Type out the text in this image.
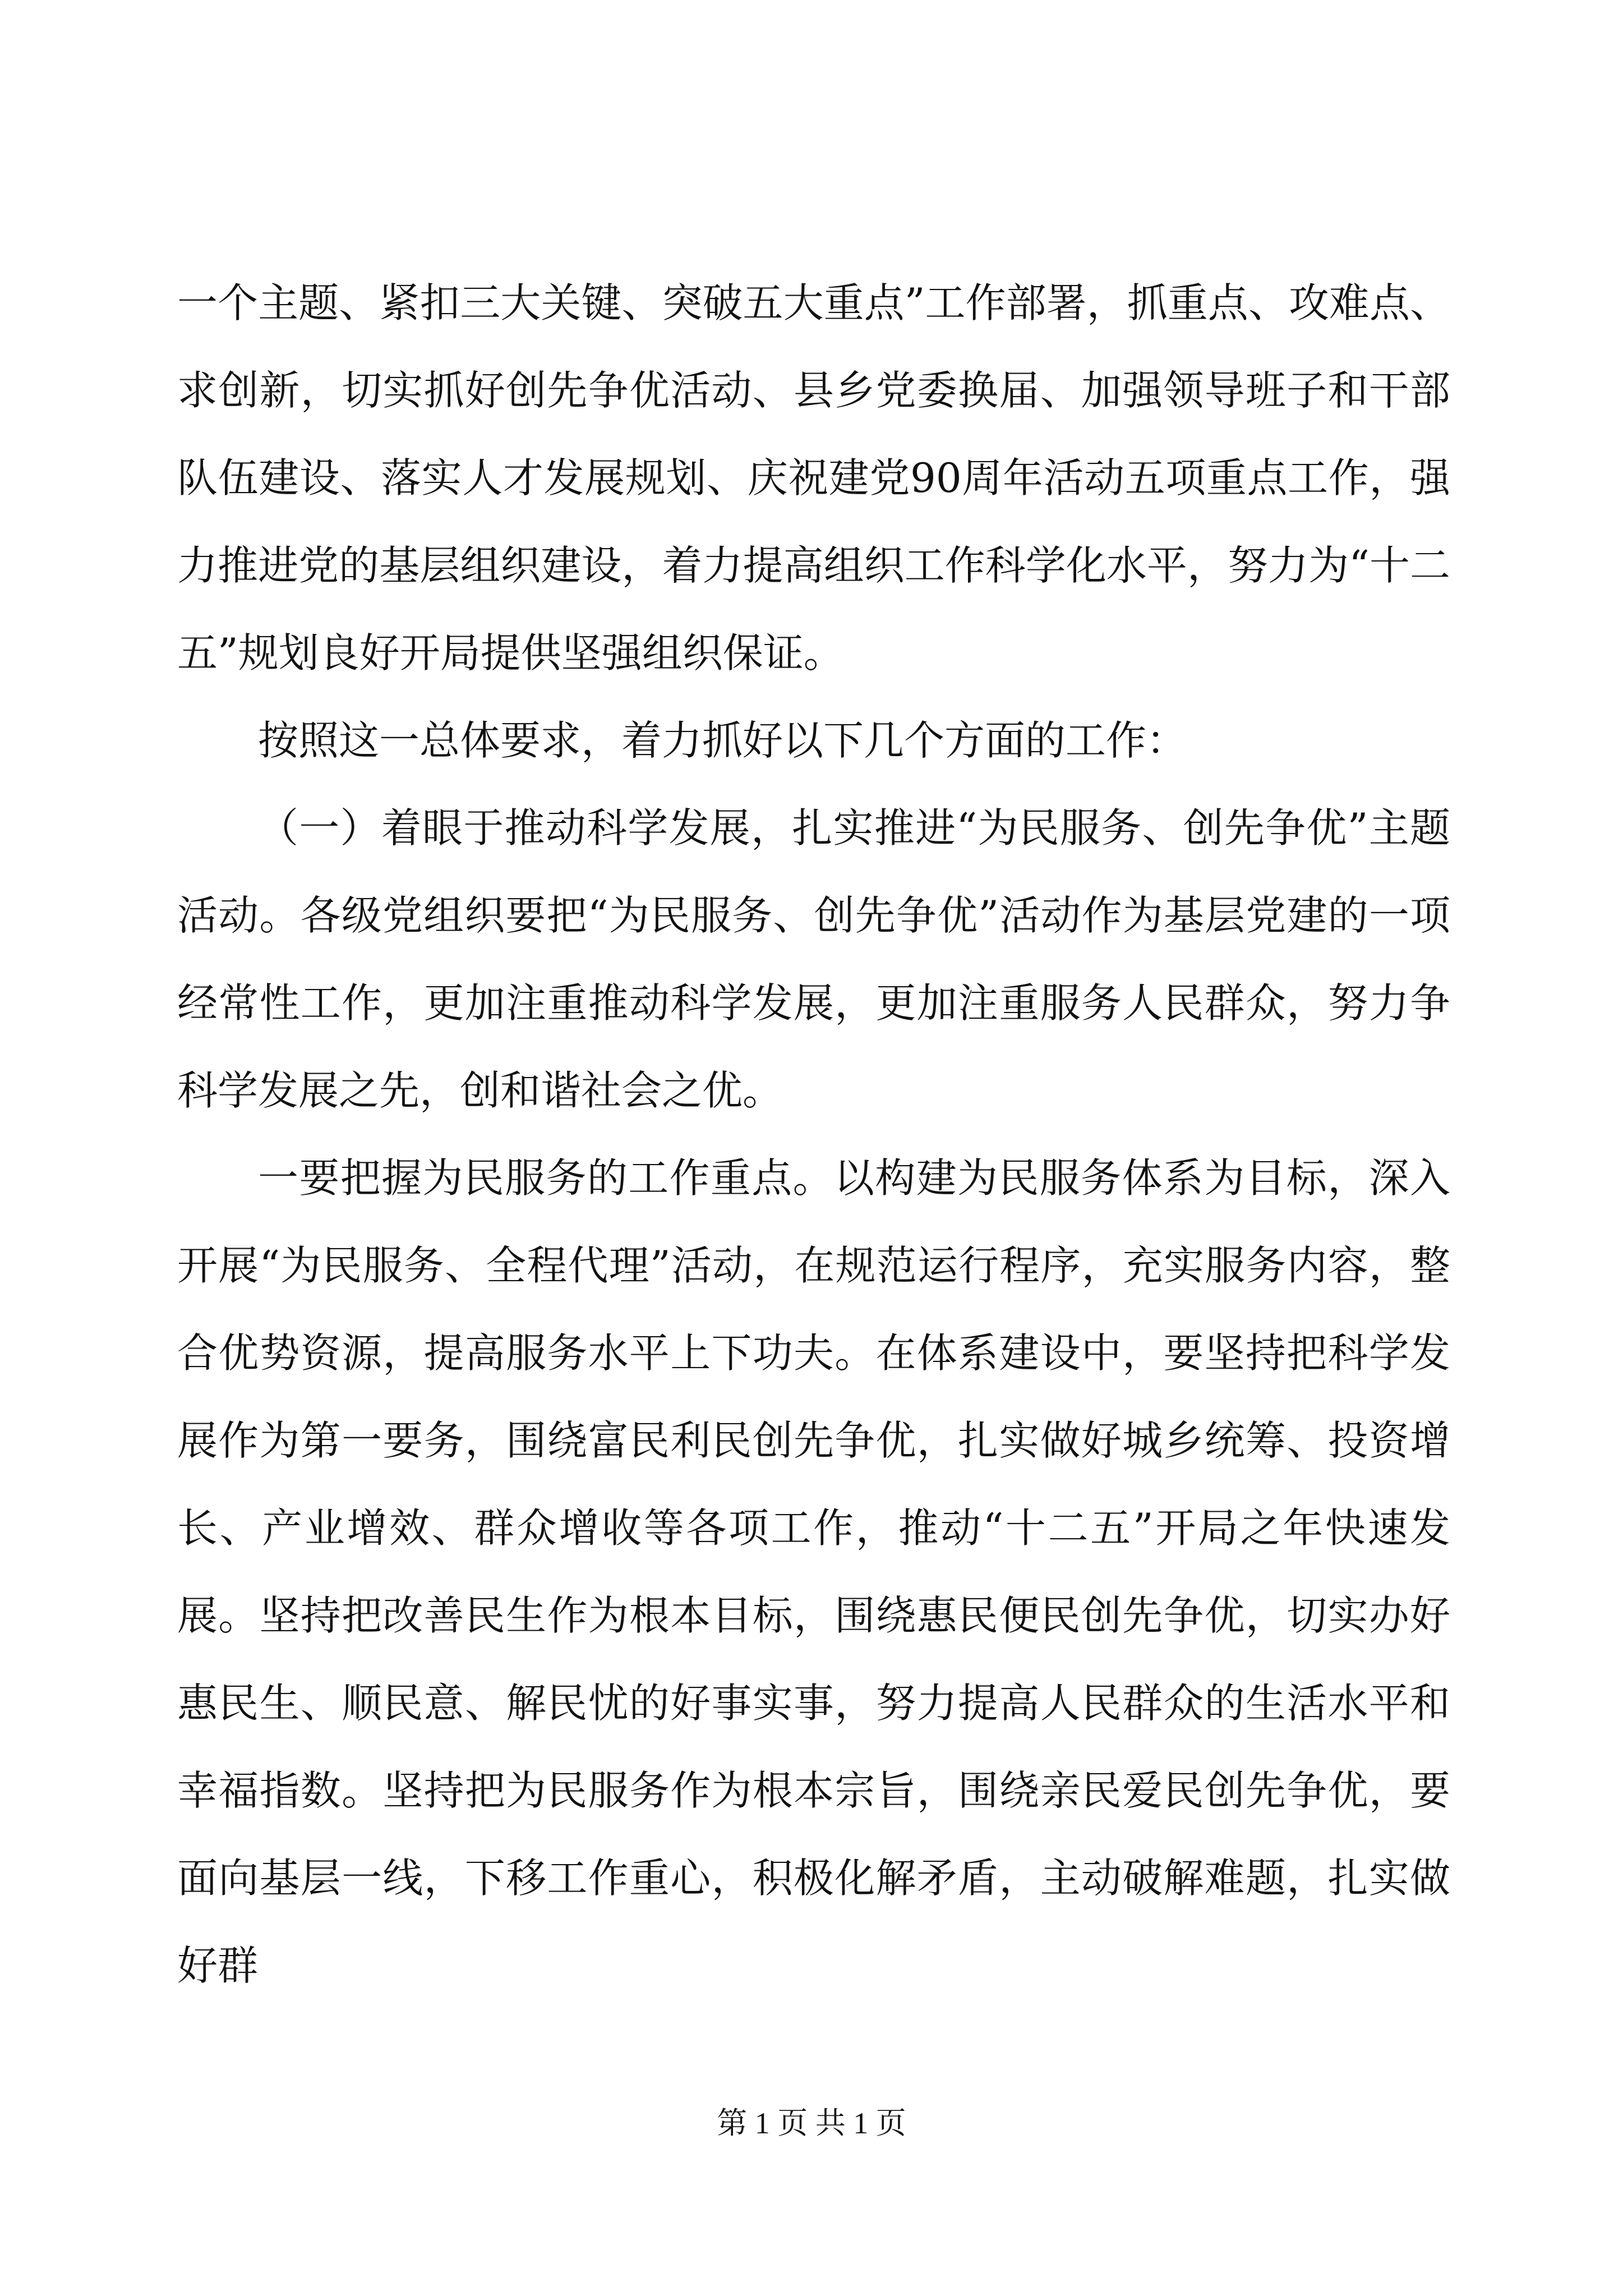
一个主题、紧扣三大关键、突破五大重点”工作部署，抓重点、攻难点、求创新，切实抓好创先争优活动、县乡党委换届、加强领导班子和干部队伍建设、落实人才发展规划、庆祝建党90周年活动五项重点工作，强力推进党的基层组织建设，着力提高组织工作科学化水平，努力为“十二五”规划良好开局提供坚强组织保证。

按照这一总体要求，着力抓好以下几个方面的工作：

（一）着眼于推动科学发展，扎实推进“为民服务、创先争优”主题活动。各级党组织要把“为民服务、创先争优”活动作为基层党建的一项经常性工作，更加注重推动科学发展，更加注重服务人民群众，努力争科学发展之先，创和谐社会之优。

一要把握为民服务的工作重点。以构建为民服务体系为目标，深入开展“为民服务、全程代理”活动，在规范运行程序，充实服务内容，整合优势资源，提高服务水平上下功夫。在体系建设中，要坚持把科学发展作为第一要务，围绕富民利民创先争优，扎实做好城乡统筹、投资增长、产业增效、群众增收等各项工作，推动“十二五”开局之年快速发展。坚持把改善民生作为根本目标，围绕惠民便民创先争优，切实办好惠民生、顺民意、解民忧的好事实事，努力提高人民群众的生活水平和幸福指数。坚持把为民服务作为根本宗旨，围绕亲民爱民创先争优，要面向基层一线，下移工作重心，积极化解矛盾，主动破解难题，扎实做好群

第 1 页 共 1 页
